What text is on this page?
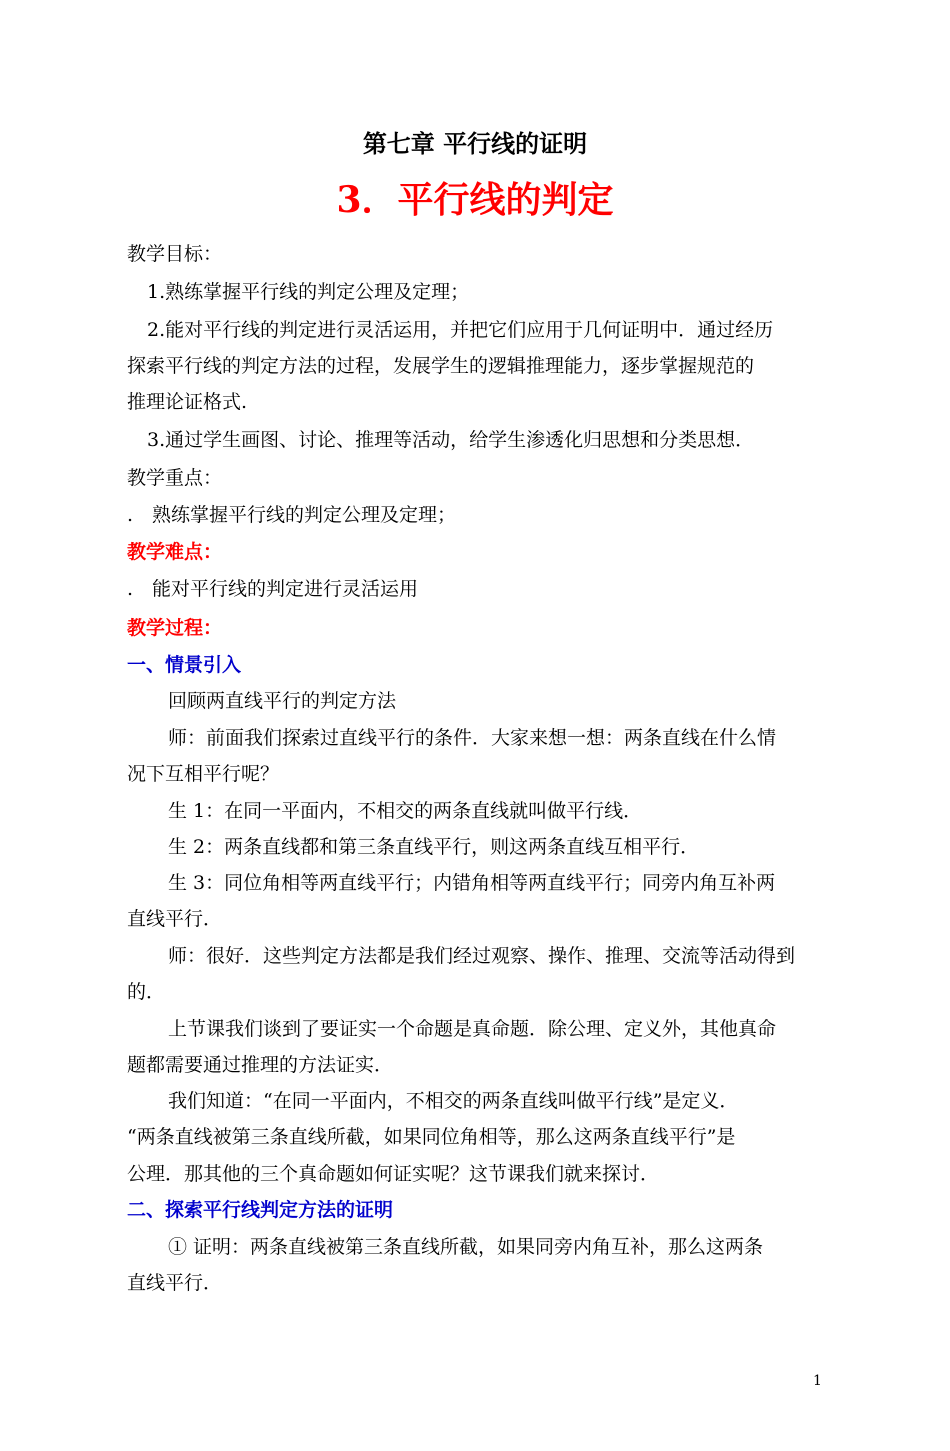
第七章 平行线的证明
3．平行线的判定
教学目标：
1.熟练掌握平行线的判定公理及定理；
2.能对平行线的判定进行灵活运用，并把它们应用于几何证明中．通过经历
探索平行线的判定方法的过程，发展学生的逻辑推理能力，逐步掌握规范的
推理论证格式.
3.通过学生画图、讨论、推理等活动，给学生渗透化归思想和分类思想．
教学重点：
.　熟练掌握平行线的判定公理及定理；
教学难点：
.　能对平行线的判定进行灵活运用
教学过程：
一、情景引入
回顾两直线平行的判定方法
师：前面我们探索过直线平行的条件．大家来想一想：两条直线在什么情
况下互相平行呢？
生 1：在同一平面内，不相交的两条直线就叫做平行线．
生 2：两条直线都和第三条直线平行，则这两条直线互相平行．
生 3：同位角相等两直线平行；内错角相等两直线平行；同旁内角互补两
直线平行．
师：很好．这些判定方法都是我们经过观察、操作、推理、交流等活动得到
的．
上节课我们谈到了要证实一个命题是真命题．除公理、定义外，其他真命
题都需要通过推理的方法证实．
我们知道：“在同一平面内，不相交的两条直线叫做平行线”是定义．
“两条直线被第三条直线所截，如果同位角相等，那么这两条直线平行”是
公理．那其他的三个真命题如何证实呢？这节课我们就来探讨．
二、探索平行线判定方法的证明
① 证明：两条直线被第三条直线所截，如果同旁内角互补，那么这两条
直线平行．
1
